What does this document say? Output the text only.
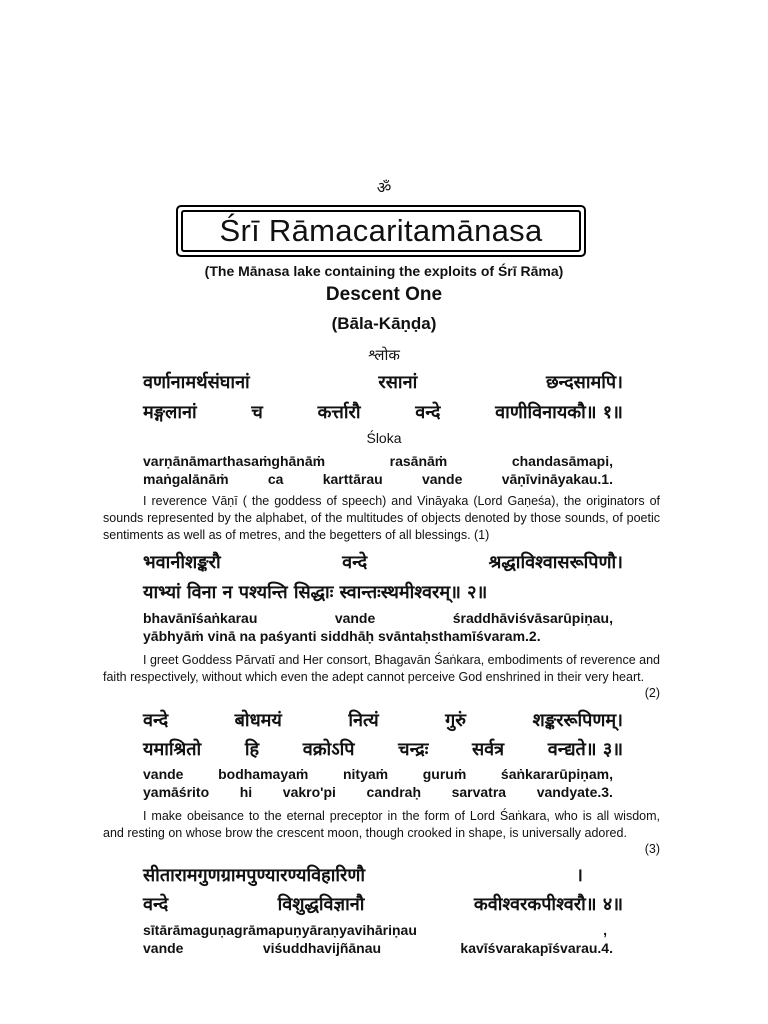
ॐ
Śrī Rāmacaritamānasa
(The Mānasa lake containing the exploits of Śrī Rāma)
Descent One
(Bāla-Kāṇḍa)
श्लोक
वर्णानामर्थसंघानां	रसानां	छन्दसामपि।
मङ्गलानां	च	कर्त्तारौ	वन्दे	वाणीविनायकौ॥ १॥
Śloka
varṇānāmarthasaṁghānāṁ	rasānāṁ	chandasāmapi,
maṅgalānāṁ	ca	karttārau	vande	vāṇīvināyakau.1.
I reverence Vāṇī ( the goddess of speech) and Vināyaka (Lord Gaṇeśa), the originators of sounds represented by the alphabet, of the multitudes of objects denoted by those sounds, of poetic sentiments as well as of metres, and the begetters of all blessings. (1)
भवानीशङ्करौ	वन्दे	श्रद्धाविश्वासरूपिणौ।
याभ्यां विना न पश्यन्ति सिद्धाः स्वान्तःस्थमीश्वरम्॥ २॥
bhavānīśaṅkarau	vande	śraddhāviśvāsarūpiṇau,
yābhyāṁ vinā na paśyanti siddhāḥ svāntaḥsthamīśvaram.2.
I greet Goddess Pārvatī and Her consort, Bhagavān Śaṅkara, embodiments of reverence and faith respectively, without which even the adept cannot perceive God enshrined in their very heart.
(2)
वन्दे	बोधमयं	नित्यं	गुरुं	शङ्कररूपिणम्।
यमाश्रितो हि वक्रोऽपि चन्द्रः सर्वत्र वन्द्यते॥ ३॥
vande bodhamayaṁ nityaṁ guruṁ śaṅkararūpiṇam,
yamāśrito hi vakro'pi candraḥ sarvatra vandyate.3.
I make obeisance to the eternal preceptor in the form of Lord Śaṅkara, who is all wisdom, and resting on whose brow the crescent moon, though crooked in shape, is universally adored.
(3)
सीतारामगुणग्रामपुण्यारण्यविहारिणौ	।
वन्दे	विशुद्धविज्ञानौ	कवीश्वरकपीश्वरौ॥ ४॥
sītārāmaguṇagrāmapuṇyāraṇyavihāriṇau	,
vande	viśuddhavijñānau	kavīśvarakapīśvarau.4.
